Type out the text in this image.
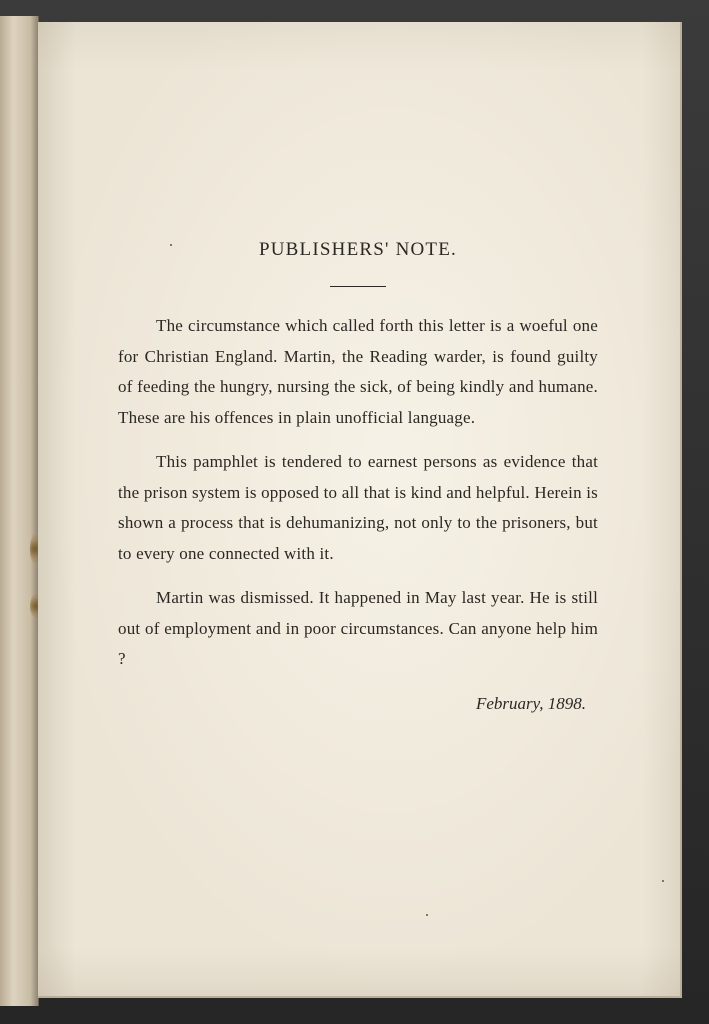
PUBLISHERS' NOTE.

The circumstance which called forth this letter is a woeful one for Christian England. Martin, the Reading warder, is found guilty of feeding the hungry, nursing the sick, of being kindly and humane. These are his offences in plain unofficial language.

This pamphlet is tendered to earnest persons as evidence that the prison system is opposed to all that is kind and helpful. Herein is shown a process that is dehumanizing, not only to the prisoners, but to every one connected with it.

Martin was dismissed. It happened in May last year. He is still out of employment and in poor circumstances. Can anyone help him ?

February, 1898.
